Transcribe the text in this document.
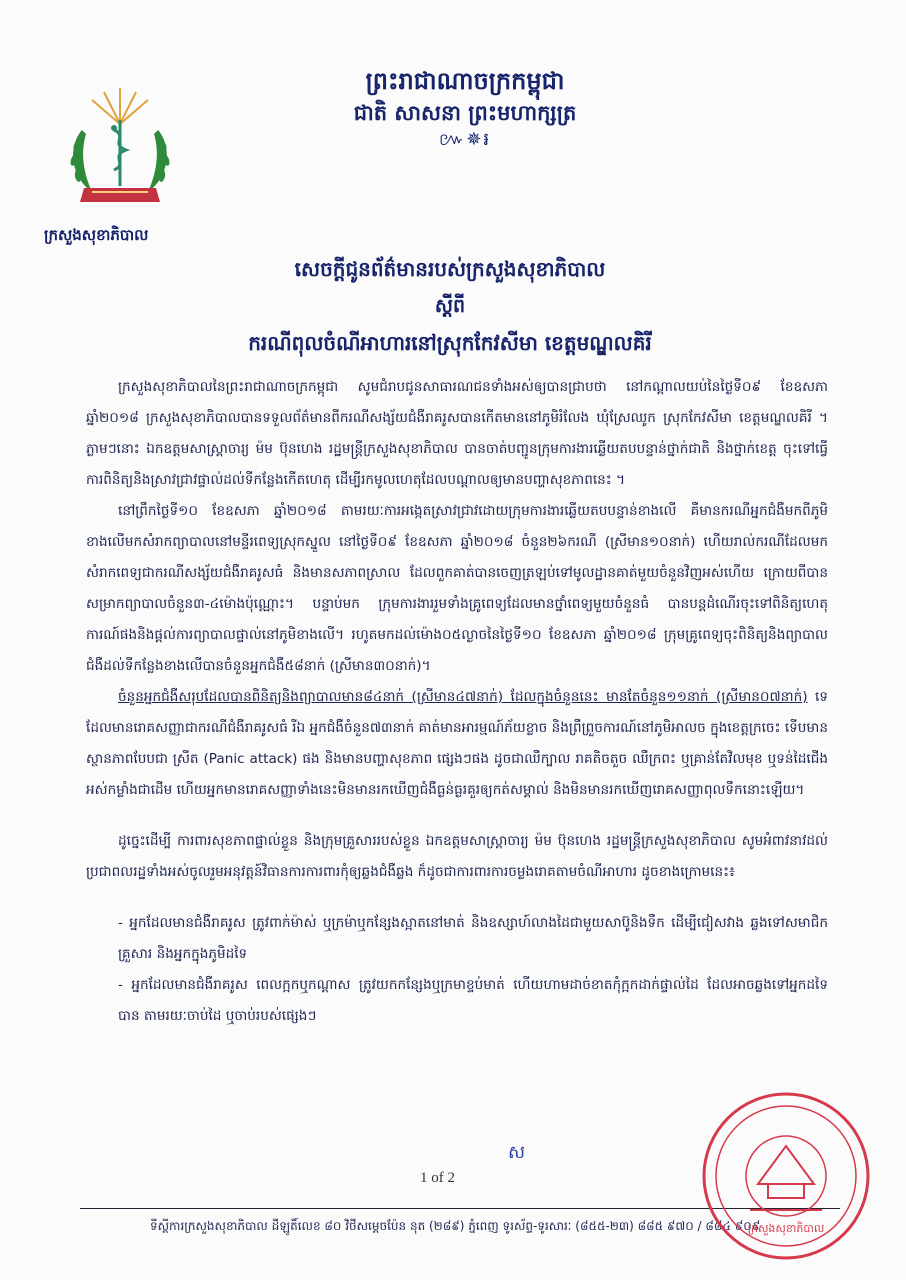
ក្រសួងសុខាភិបាល
ព្រះរាជាណាចក្រកម្ពុជា
ជាតិ សាសនា ព្រះមហាក្សត្រ
៚✵៛
សេចក្តីជូនព័ត៌មានរបស់ក្រសួងសុខាភិបាល
ស្តីពី
ករណីពុលចំណីអាហារនៅស្រុកកែវសីមា ខេត្តមណ្ឌលគិរី

ក្រសួងសុខាភិបាលនៃព្រះរាជាណាចក្រកម្ពុជា សូមជំរាបជូនសាធារណជនទាំងអស់ឲ្យបានជ្រាបថា នៅកណ្តាលយប់នៃថ្ងៃទី០៩ ខែឧសភា ឆ្នាំ២០១៨ ក្រសួងសុខាភិបាលបានទទួលព័ត៌មានពីករណីសង្ស័យជំងឺរាគរូសបានកើតមាននៅភូមិរំលែង ឃុំស្រែឈូក ស្រុកកែវសីមា ខេត្តមណ្ឌលគិរី ។ ភ្លាមៗនោះ ឯកឧត្តមសាស្ត្រាចារ្យ ម៉ម ប៊ុនហេង រដ្ឋមន្ត្រីក្រសួងសុខាភិបាល បានចាត់បញ្ជូនក្រុមការងារឆ្លើយតបបន្ទាន់ថ្នាក់ជាតិ និងថ្នាក់ខេត្ត ចុះទៅធ្វើការពិនិត្យនិងស្រាវជ្រាវផ្ទាល់ដល់ទីកន្លែងកើតហេតុ ដើម្បីរកមូលហេតុដែលបណ្តាលឲ្យមានបញ្ហាសុខភាពនេះ ។

នៅព្រឹកថ្ងៃទី១០ ខែឧសភា ឆ្នាំ២០១៨ តាមរយៈការអង្កេតស្រាវជ្រាវដោយក្រុមការងារឆ្លើយតបបន្ទាន់ខាងលើ គឺមានករណីអ្នកជំងឺមកពីភូមិខាងលើមកសំរាកព្យាបាលនៅមន្ទីរពេទ្យស្រុកស្នួល នៅថ្ងៃទី០៩ ខែឧសភា ឆ្នាំ២០១៨ ចំនួន២៦ករណី (ស្រីមាន១០នាក់) ហើយរាល់ករណីដែលមកសំរាកពេទ្យជាករណីសង្ស័យជំងឺរាគរូសធំ និងមានសភាពស្រាល ដែលពួកគាត់បានចេញត្រឡប់ទៅមូលដ្ឋានគាត់មួយចំនួនវិញអស់ហើយ ក្រោយពីបានសម្រាកព្យាបាលចំនួន៣-៤ម៉ោងប៉ុណ្ណោះ។ បន្ទាប់មក ក្រុមការងាររួមទាំងគ្រូពេទ្យដែលមានថ្នាំពេទ្យមួយចំនួនធំ បានបន្តដំណើរចុះទៅពិនិត្យហេតុការណ៍ផងនិងផ្តល់ការព្យាបាលផ្ទាល់នៅភូមិខាងលើ។ រហូតមកដល់ម៉ោង០៥ល្ងាចនៃថ្ងៃទី១០ ខែឧសភា ឆ្នាំ២០១៨ ក្រុមគ្រូពេទ្យចុះពិនិត្យនិងព្យាបាលជំងឺដល់ទីកន្លែងខាងលើបានចំនួនអ្នកជំងឺ៥៨នាក់ (ស្រីមាន៣០នាក់)។

ចំនួនអ្នកជំងឺសរុបដែលបានពិនិត្យនិងព្យាបាលមាន៨៤នាក់ (ស្រីមាន៤៧នាក់) ដែលក្នុងចំនួននេះ មានតែចំនួន១១នាក់ (ស្រីមាន០៧នាក់) ទេ ដែលមានរោគសញ្ញាជាករណីជំងឺរាគរូសធំ រីឯ អ្នកជំងឺចំនួន៧៣នាក់ គាត់មានអារម្មណ៍ភ័យខ្លាច និងព្រឺព្រួចការណ៍នៅភូមិអាលច ក្នុងខេត្តក្រចេះ ទើបមានស្ថានភាពបែបជា ស្រីត (Panic attack) ផង និងមានបញ្ហាសុខភាព ផ្សេងៗផង ដូចជាឈឺក្បាល រាគតិចតួច ឈឺក្រពះ ឬគ្រាន់តែវិលមុខ ឬទន់ដៃជើង អស់កម្លាំងជាដើម ហើយអ្នកមានរោគសញ្ញាទាំងនេះមិនមានរកឃើញជំងឺធ្ងន់ធ្ងរគួរឲ្យកត់សម្គាល់ និងមិនមានរកឃើញរោគសញ្ញាពុលទឹកនោះឡើយ។

ដូច្នេះដើម្បី ការពារសុខភាពផ្ទាល់ខ្លួន និងក្រុមគ្រួសាររបស់ខ្លួន ឯកឧត្តមសាស្ត្រាចារ្យ ម៉ម ប៊ុនហេង រដ្ឋមន្ត្រីក្រសួងសុខាភិបាល សូមអំពាវនាវដល់ប្រជាពលរដ្ឋទាំងអស់ចូលរួមអនុវត្តន៍វិធានការការពារកុំឲ្យឆ្លងជំងឺឆ្លង ក៏ដូចជាការពារការចម្លងរោគតាមចំណីអាហារ ដូចខាងក្រោមនេះ៖

- អ្នកដែលមានជំងឺរាគរូស ត្រូវពាក់ម៉ាស់ ឬក្រម៉ាឬកន្សែងស្អាតនៅមាត់ និងឧស្សាហ៍លាងដៃជាមួយសាប៊ូនិងទឹក ដើម្បីជៀសវាង ឆ្លងទៅសមាជិកគ្រួសារ និងអ្នកក្នុងភូមិដទៃ

- អ្នកដែលមានជំងឺរាគរូស ពេលក្អកឬកណ្តាស ត្រូវយកកន្សែងឬក្រមាខ្ទប់មាត់ ហើយហាមដាច់ខាតកុំក្អកដាក់ផ្ទាល់ដៃ ដែលអាចឆ្លងទៅអ្នកដទៃបាន តាមរយៈចាប់ដៃ ឬចាប់របស់ផ្សេងៗ

ស
1 of 2
ទីស្តីការក្រសួងសុខាភិបាល ដីឡូតិ៍លេខ ៨០ វិថីសម្តេចប៉ែន នុត (២៨៩) ភ្នំពេញ ទូរស័ព្ទ-ទូរសារៈ (៨៥៥-២៣) ៨៨៥ ៩៧០ / ៨៨៤ ៩០៩
ក្រសួងសុខាភិបាល
